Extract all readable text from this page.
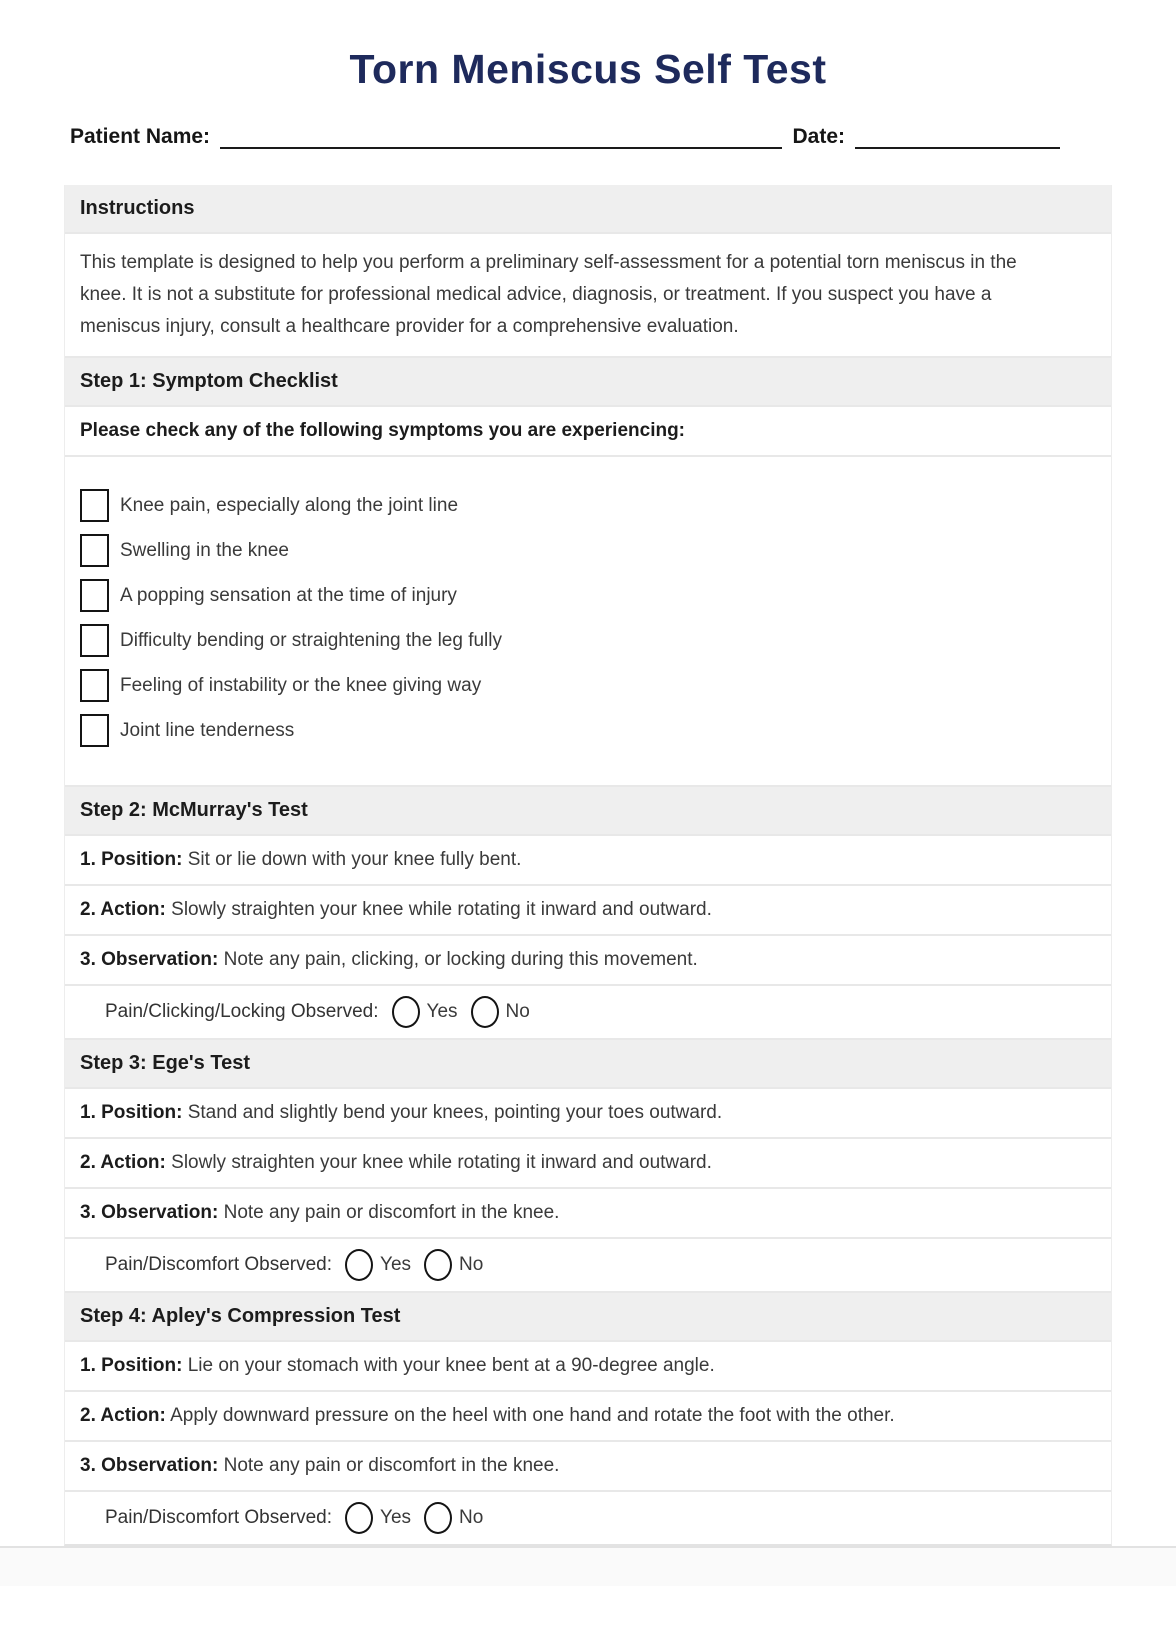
Torn Meniscus Self Test
Patient Name:	Date:
Instructions
This template is designed to help you perform a preliminary self-assessment for a potential torn meniscus in the knee. It is not a substitute for professional medical advice, diagnosis, or treatment. If you suspect you have a meniscus injury, consult a healthcare provider for a comprehensive evaluation.
Step 1: Symptom Checklist
Please check any of the following symptoms you are experiencing:
Knee pain, especially along the joint line
Swelling in the knee
A popping sensation at the time of injury
Difficulty bending or straightening the leg fully
Feeling of instability or the knee giving way
Joint line tenderness
Step 2: McMurray's Test
1. Position: Sit or lie down with your knee fully bent.
2. Action: Slowly straighten your knee while rotating it inward and outward.
3. Observation: Note any pain, clicking, or locking during this movement.
Pain/Clicking/Locking Observed:	Yes	No
Step 3: Ege's Test
1. Position: Stand and slightly bend your knees, pointing your toes outward.
2. Action: Slowly straighten your knee while rotating it inward and outward.
3. Observation: Note any pain or discomfort in the knee.
Pain/Discomfort Observed:	Yes	No
Step 4: Apley's Compression Test
1. Position: Lie on your stomach with your knee bent at a 90-degree angle.
2. Action: Apply downward pressure on the heel with one hand and rotate the foot with the other.
3. Observation: Note any pain or discomfort in the knee.
Pain/Discomfort Observed:	Yes	No
